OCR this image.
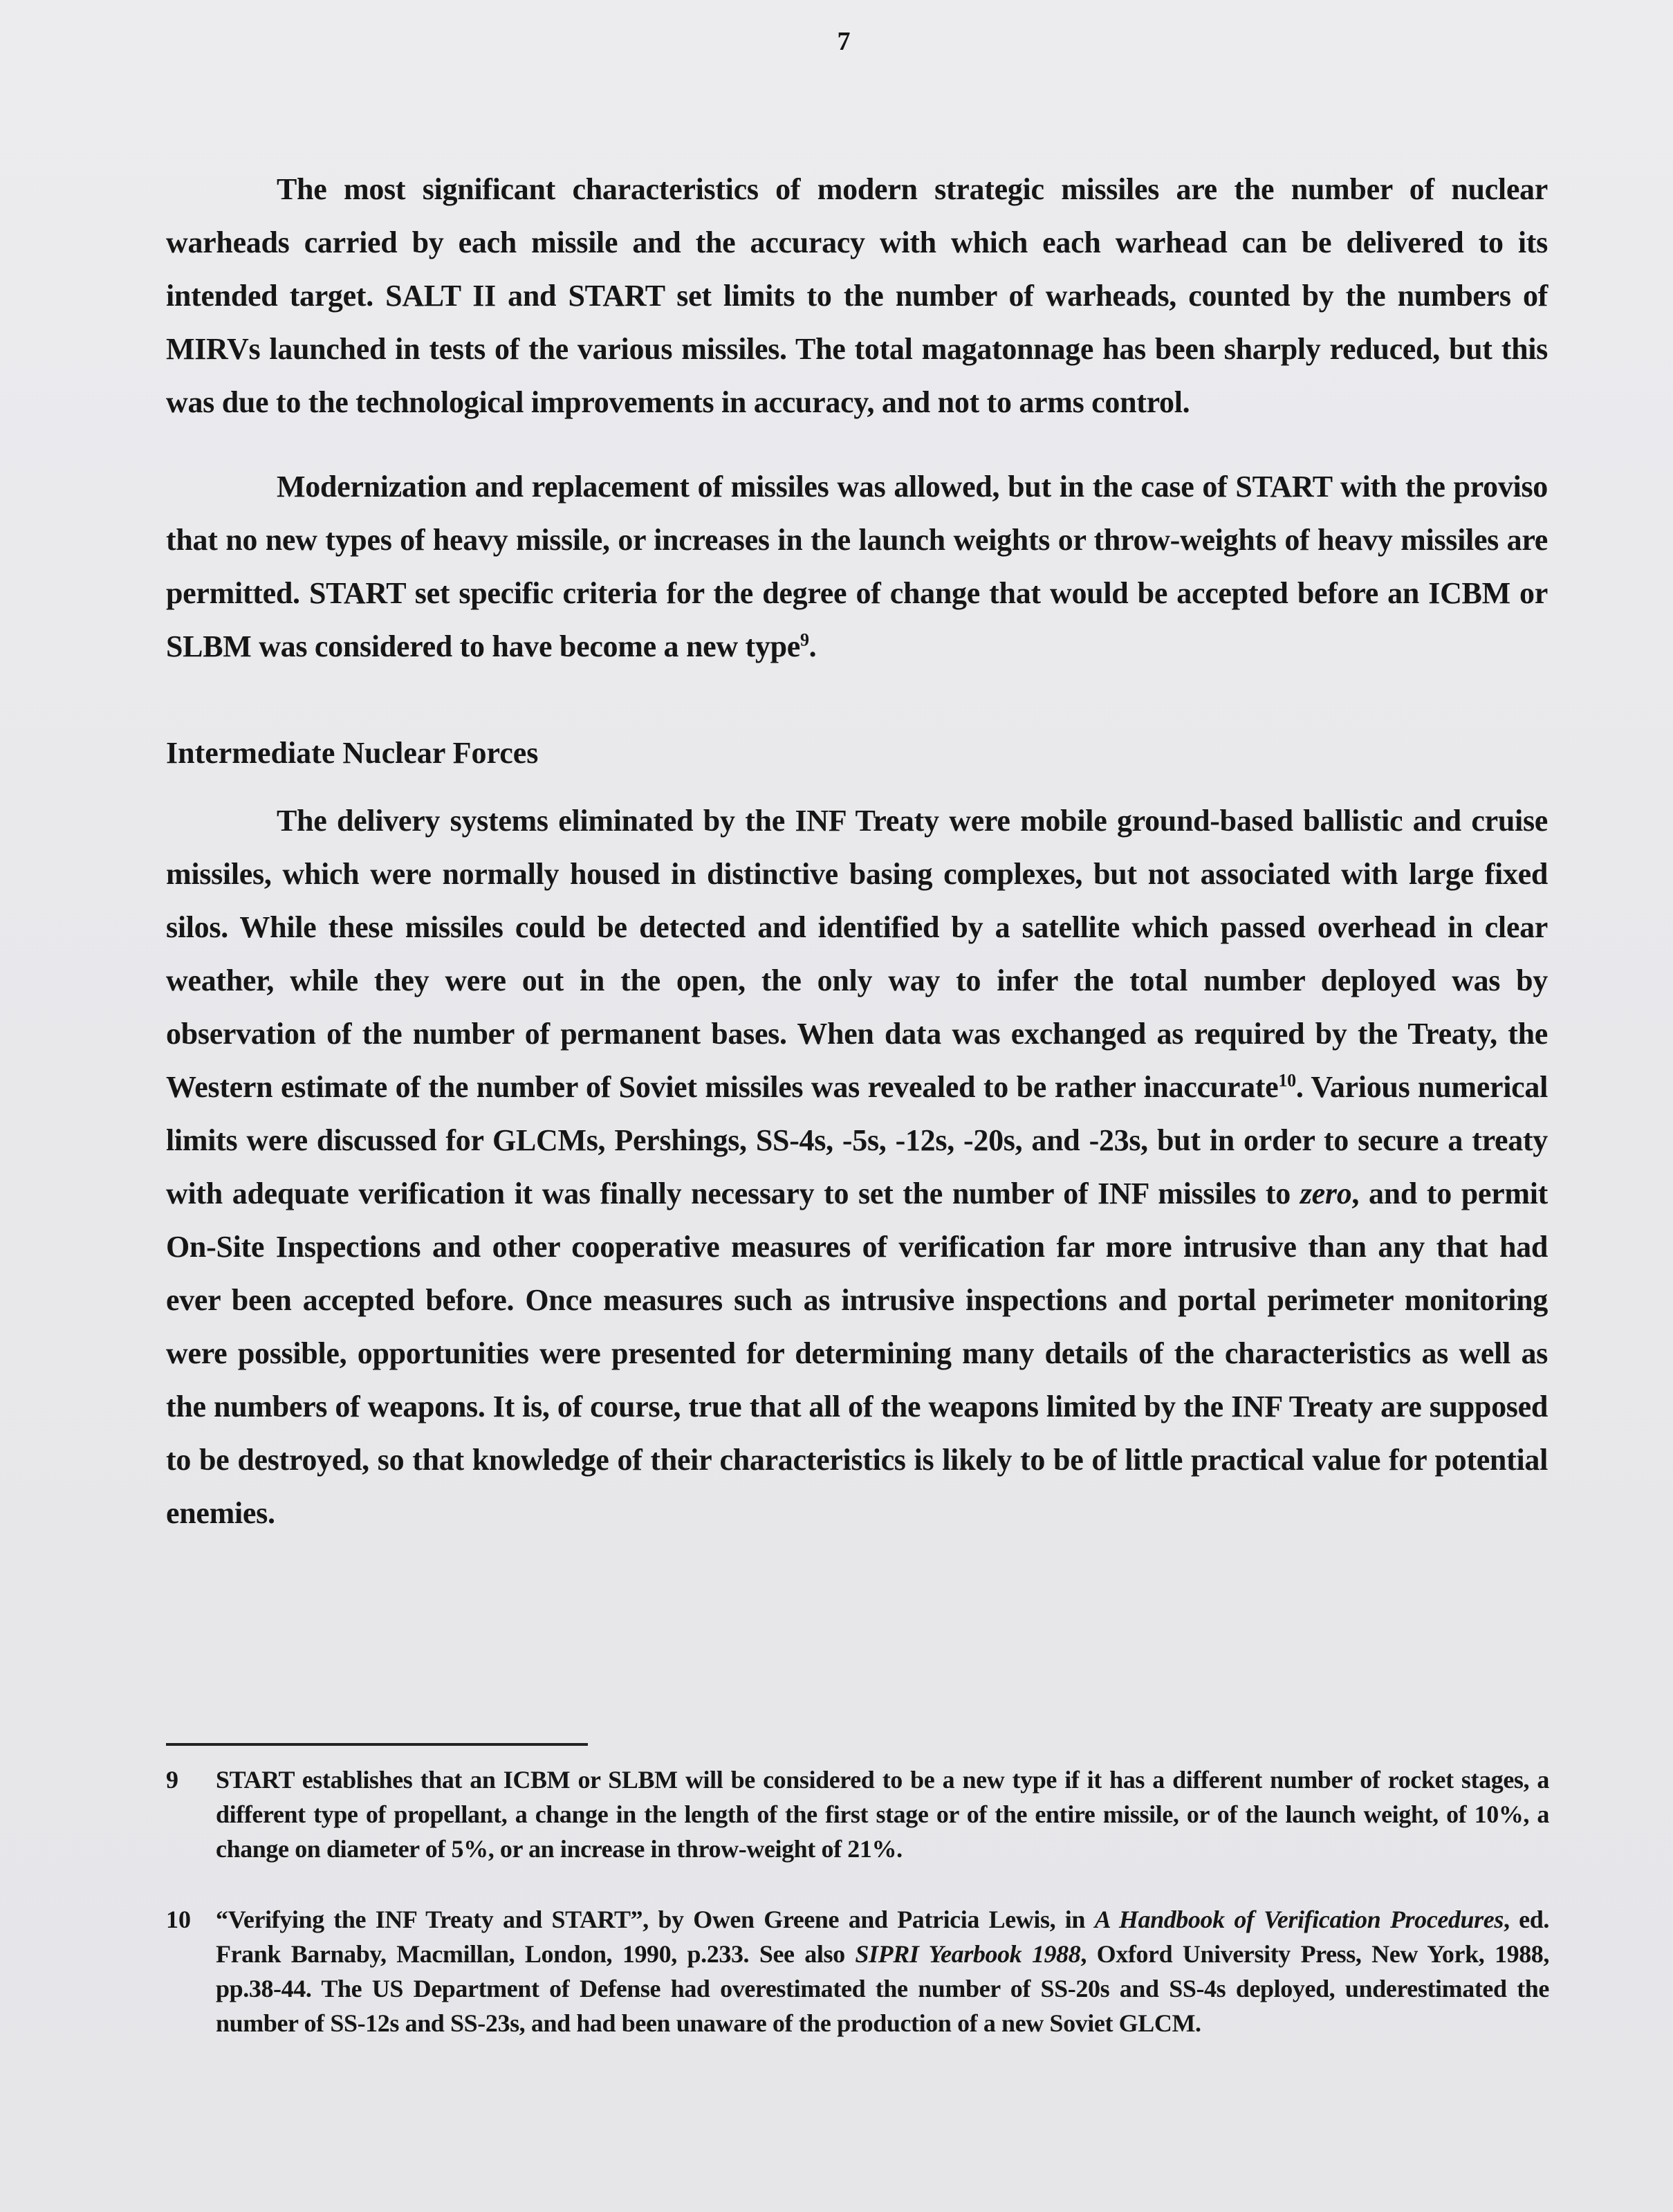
7

The most significant characteristics of modern strategic missiles are the number of nuclear warheads carried by each missile and the accuracy with which each warhead can be delivered to its intended target. SALT II and START set limits to the number of warheads, counted by the numbers of MIRVs launched in tests of the various missiles. The total magatonnage has been sharply reduced, but this was due to the technological improvements in accuracy, and not to arms control.

Modernization and replacement of missiles was allowed, but in the case of START with the proviso that no new types of heavy missile, or increases in the launch weights or throw-weights of heavy missiles are permitted. START set specific criteria for the degree of change that would be accepted before an ICBM or SLBM was considered to have become a new type$^9$.

Intermediate Nuclear Forces

The delivery systems eliminated by the INF Treaty were mobile ground-based ballistic and cruise missiles, which were normally housed in distinctive basing complexes, but not associated with large fixed silos. While these missiles could be detected and identified by a satellite which passed overhead in clear weather, while they were out in the open, the only way to infer the total number deployed was by observation of the number of permanent bases. When data was exchanged as required by the Treaty, the Western estimate of the number of Soviet missiles was revealed to be rather inaccurate$^{10}$. Various numerical limits were discussed for GLCMs, Pershings, SS-4s, -5s, -12s, -20s, and -23s, but in order to secure a treaty with adequate verification it was finally necessary to set the number of INF missiles to zero, and to permit On-Site Inspections and other cooperative measures of verification far more intrusive than any that had ever been accepted before. Once measures such as intrusive inspections and portal perimeter monitoring were possible, opportunities were presented for determining many details of the characteristics as well as the numbers of weapons. It is, of course, true that all of the weapons limited by the INF Treaty are supposed to be destroyed, so that knowledge of their characteristics is likely to be of little practical value for potential enemies.

9 START establishes that an ICBM or SLBM will be considered to be a new type if it has a different number of rocket stages, a different type of propellant, a change in the length of the first stage or of the entire missile, or of the launch weight, of 10%, a change on diameter of 5%, or an increase in throw-weight of 21%.
10 “Verifying the INF Treaty and START”, by Owen Greene and Patricia Lewis, in A Handbook of Verification Procedures, ed. Frank Barnaby, Macmillan, London, 1990, p.233. See also SIPRI Yearbook 1988, Oxford University Press, New York, 1988, pp.38-44. The US Department of Defense had overestimated the number of SS-20s and SS-4s deployed, underestimated the number of SS-12s and SS-23s, and had been unaware of the production of a new Soviet GLCM.
